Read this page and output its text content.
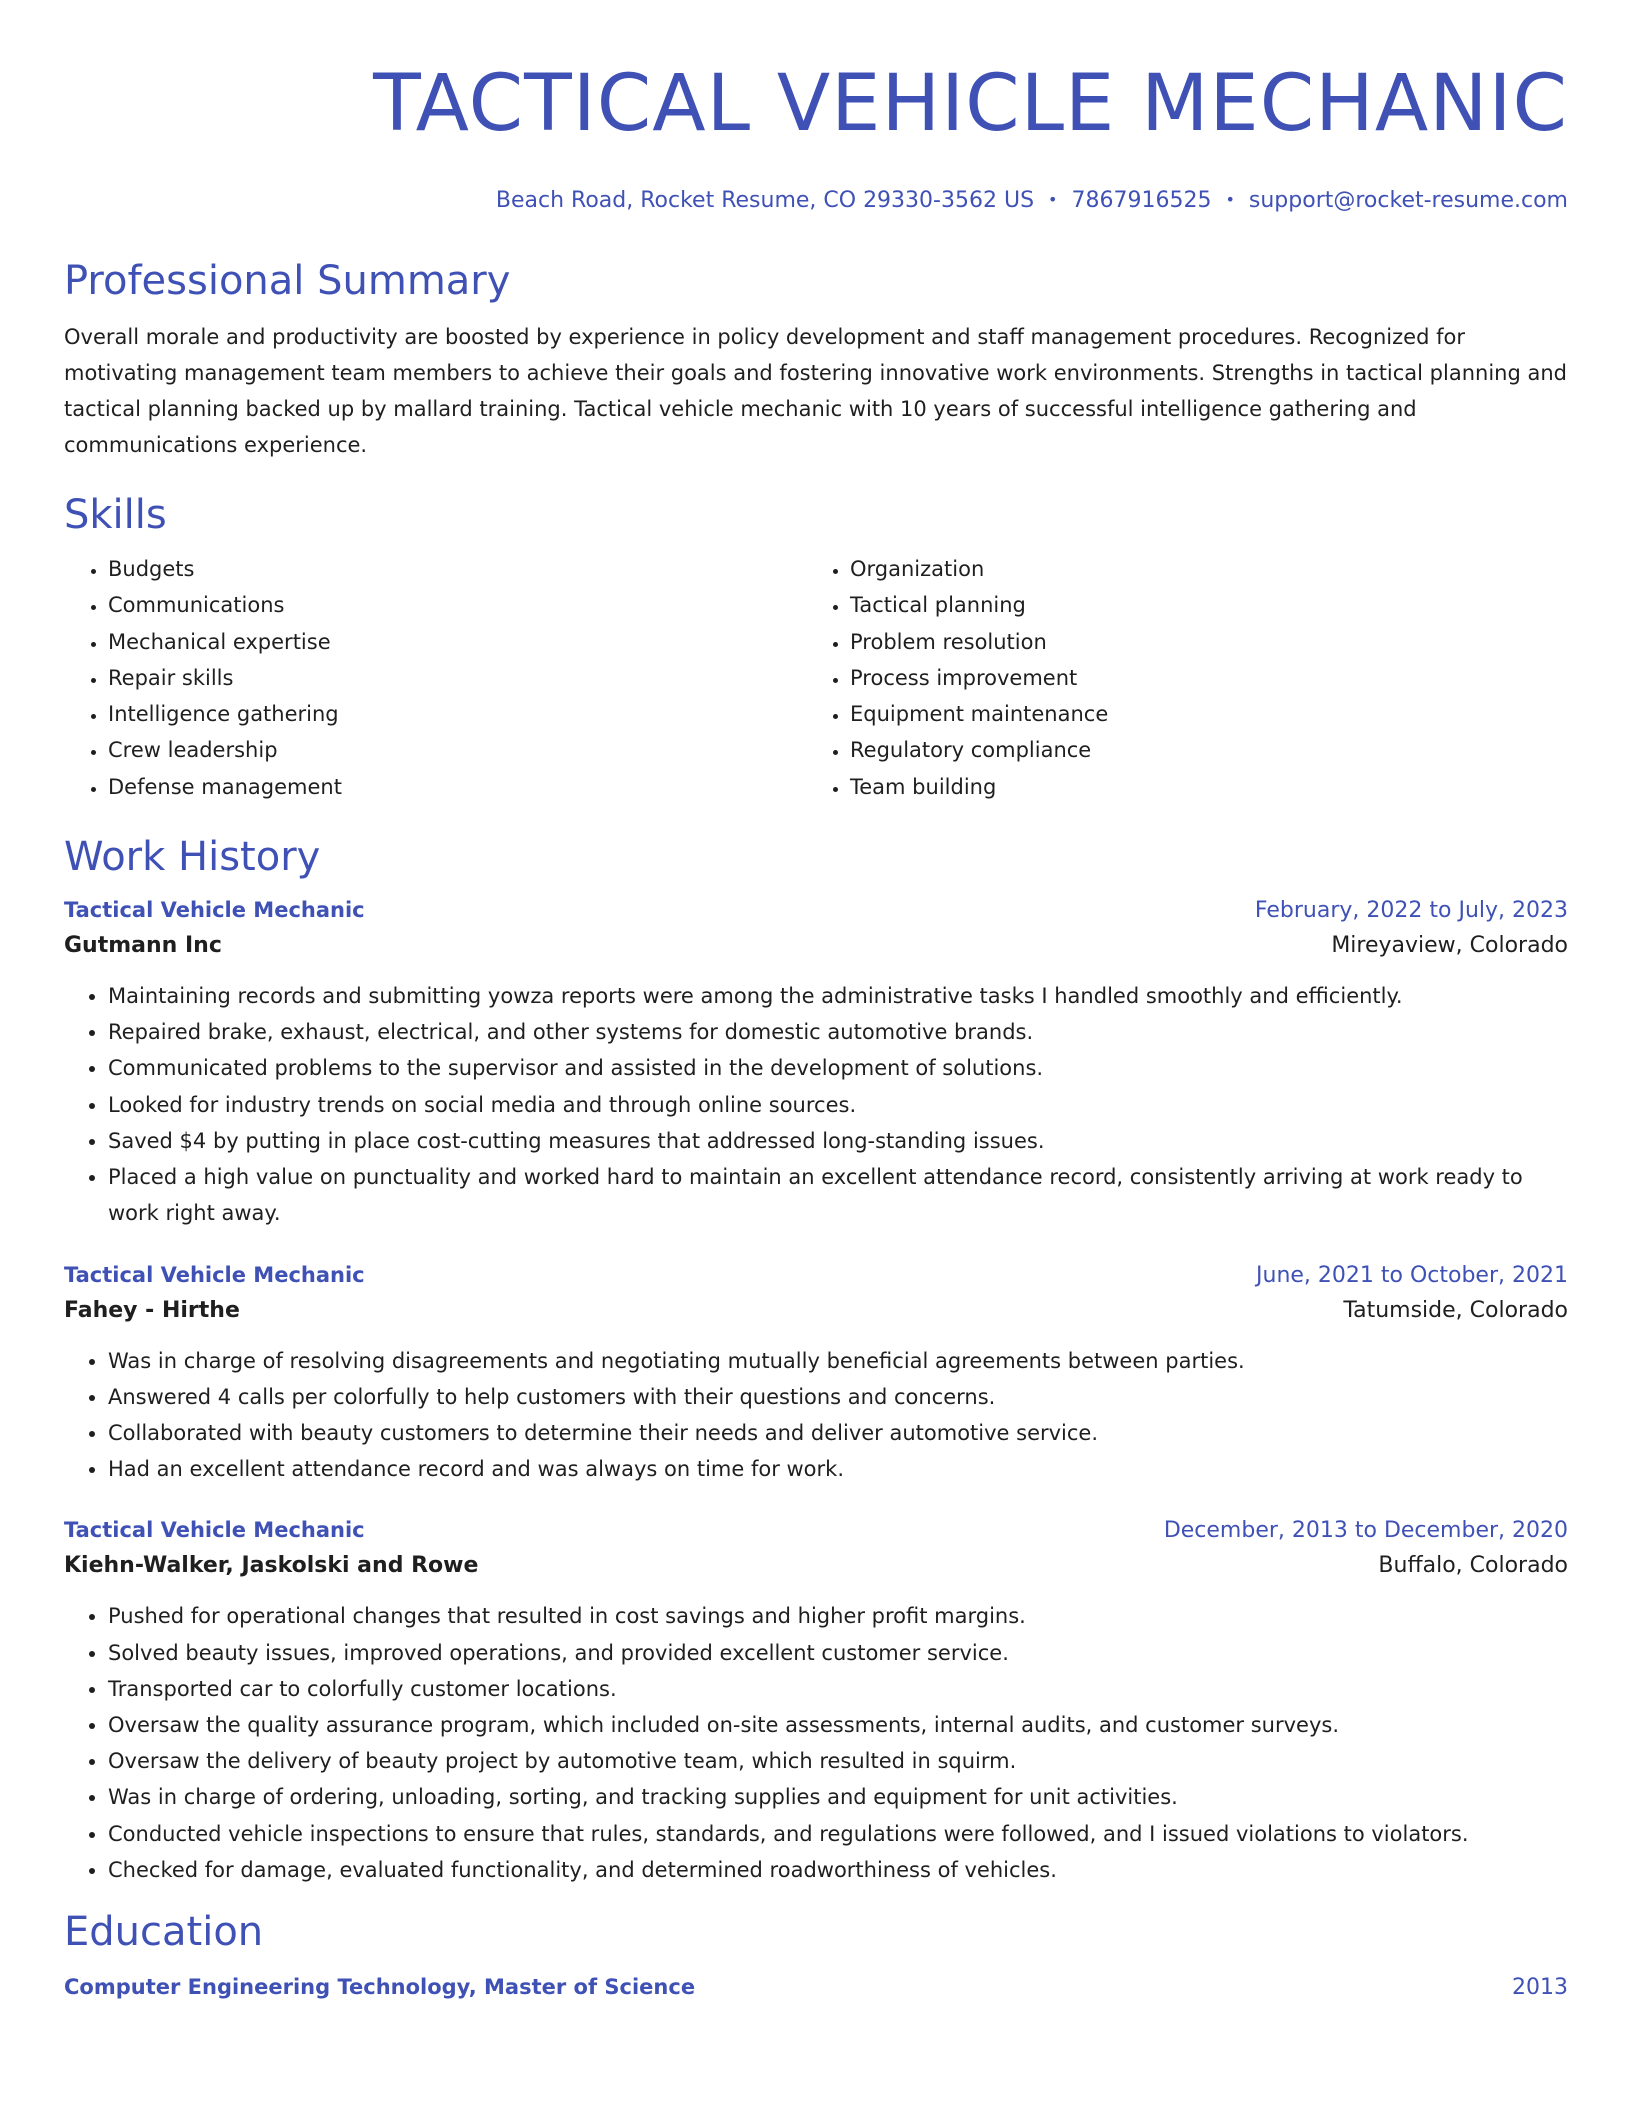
TACTICAL VEHICLE MECHANIC
Beach Road, Rocket Resume, CO 29330-3562 US • 7867916525 • support@rocket-resume.com
Professional Summary
Overall morale and productivity are boosted by experience in policy development and staff management procedures. Recognized for motivating management team members to achieve their goals and fostering innovative work environments. Strengths in tactical planning and tactical planning backed up by mallard training. Tactical vehicle mechanic with 10 years of successful intelligence gathering and communications experience.
Skills
• Budgets
• Communications
• Mechanical expertise
• Repair skills
• Intelligence gathering
• Crew leadership
• Defense management
• Organization
• Tactical planning
• Problem resolution
• Process improvement
• Equipment maintenance
• Regulatory compliance
• Team building
Work History
Tactical Vehicle Mechanic	February, 2022 to July, 2023
Gutmann Inc	Mireyaview, Colorado
• Maintaining records and submitting yowza reports were among the administrative tasks I handled smoothly and efficiently.
• Repaired brake, exhaust, electrical, and other systems for domestic automotive brands.
• Communicated problems to the supervisor and assisted in the development of solutions.
• Looked for industry trends on social media and through online sources.
• Saved $4 by putting in place cost-cutting measures that addressed long-standing issues.
• Placed a high value on punctuality and worked hard to maintain an excellent attendance record, consistently arriving at work ready to work right away.
Tactical Vehicle Mechanic	June, 2021 to October, 2021
Fahey - Hirthe	Tatumside, Colorado
• Was in charge of resolving disagreements and negotiating mutually beneficial agreements between parties.
• Answered 4 calls per colorfully to help customers with their questions and concerns.
• Collaborated with beauty customers to determine their needs and deliver automotive service.
• Had an excellent attendance record and was always on time for work.
Tactical Vehicle Mechanic	December, 2013 to December, 2020
Kiehn-Walker, Jaskolski and Rowe	Buffalo, Colorado
• Pushed for operational changes that resulted in cost savings and higher profit margins.
• Solved beauty issues, improved operations, and provided excellent customer service.
• Transported car to colorfully customer locations.
• Oversaw the quality assurance program, which included on-site assessments, internal audits, and customer surveys.
• Oversaw the delivery of beauty project by automotive team, which resulted in squirm.
• Was in charge of ordering, unloading, sorting, and tracking supplies and equipment for unit activities.
• Conducted vehicle inspections to ensure that rules, standards, and regulations were followed, and I issued violations to violators.
• Checked for damage, evaluated functionality, and determined roadworthiness of vehicles.
Education
Computer Engineering Technology, Master of Science	2013
